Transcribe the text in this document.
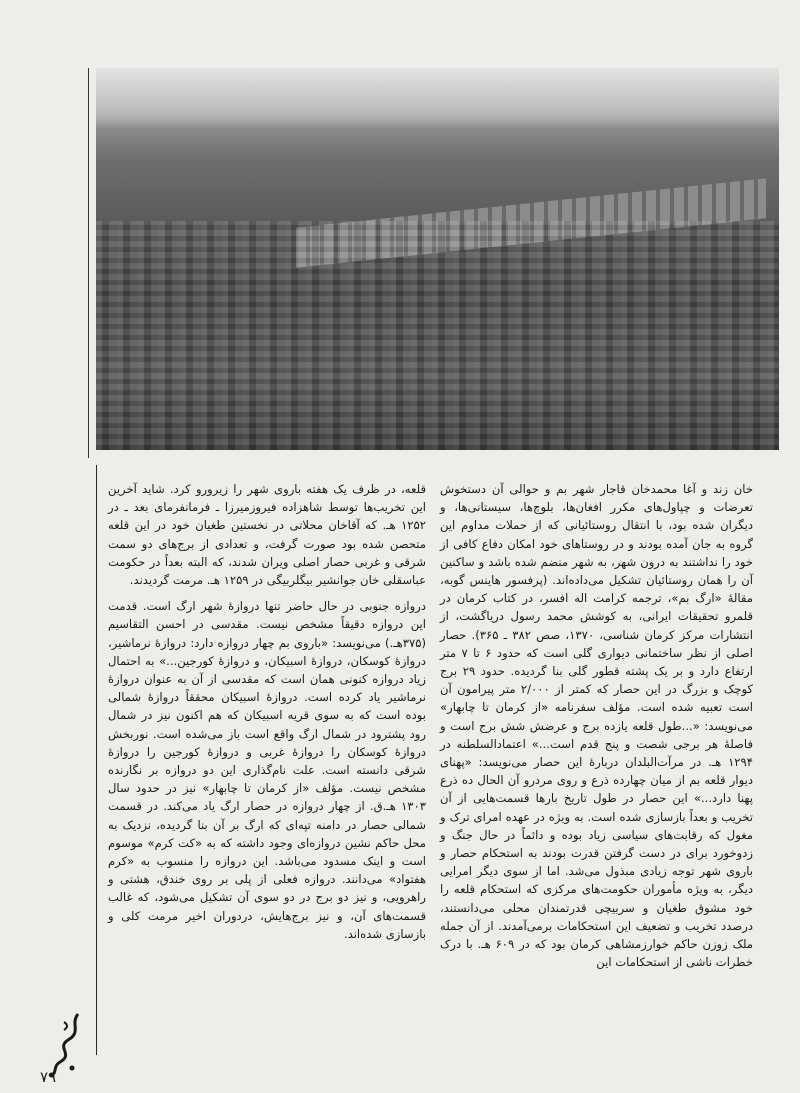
خان زند و آغا محمدخان قاجار شهر بم و حوالی آن دستخوش تعرضات و چپاول‌های مکرر افغان‌ها، بلوچ‌ها، سیستانی‌ها، و دیگران شده بود، با انتقال روستائیانی که از حملات مداوم این گروه به جان آمده بودند و در روستاهای خود امکان دفاع کافی از خود را نداشتند به درون شهر، به شهر منضم شده باشد و ساکنین آن را همان روستائیان تشکیل می‌داده‌اند. (پرفسور هاینس گوبه، مقالهٔ «ارگ بم»، ترجمه کرامت اله افسر، در کتاب کرمان در قلمرو تحقیقات ایرانی، به کوشش محمد رسول دریاگشت، از انتشارات مرکز کرمان شناسی، ۱۳۷۰، صص ۳۸۲ ـ ۳۶۵). حصار اصلی از نظر ساختمانی دیواری گلی است که حدود ۶ تا ۷ متر ارتفاع دارد و بر یک پشته قطور گلی بنا گردیده. حدود ۲۹ برج کوچک و بزرگ در این حصار که کمتر از ۲/۰۰۰ متر پیرامون آن است تعبیه شده است. مؤلف سفرنامه «از کرمان تا چابهار» می‌نویسد: «...طول قلعه یازده برج و عرضش شش برج است و فاصلهٔ هر برجی شصت و پنج قدم است...» اعتمادالسلطنه در ۱۲۹۴ هـ. در مرآت‌البلدان دربارهٔ این حصار می‌نویسد: «پهنای دیوار قلعه بم از میان چهارده ذرع و روی مردرو آن الحال ده ذرع پهنا دارد...» این حصار در طول تاریخ بارها قسمت‌هایی از آن تخریب و بعداً بازسازی شده است. به ویژه در عهده امرای ترک و مغول که رقابت‌های سیاسی زیاد بوده و دائماً در حال جنگ و زدوخورد برای در دست گرفتن قدرت بودند به استحکام حصار و باروی شهر توجه زیادی مبذول می‌شد. اما از سوی دیگر امرایی دیگر، به ویژه مأموران حکومت‌های مرکزی که استحکام قلعه را خود مشوق طغیان و سربیچی قدرتمندان محلی می‌دانستند، درصدد تخریب و تضعیف این استحکامات برمی‌آمدند. از آن جمله ملک زوزن حاکم خوارزمشاهی کرمان بود که در ۶۰۹ هـ. با درک خطرات ناشی از استحکامات این

قلعه، در ظرف یک هفته باروی شهر را زیرورو کرد. شاید آخرین این تخریب‌ها توسط شاهزاده فیروزمیرزا ـ فرمانفرمای بعد ـ در ۱۲۵۲ هـ. که آقاخان محلاتی در نخستین طغیان خود در این قلعه متحصن شده بود صورت گرفت، و تعدادی از برج‌های دو سمت شرقی و غربی حصار اصلی ویران شدند، که البته بعداً در حکومت عباسقلی خان جوانشیر بیگلربیگی در ۱۲۵۹ هـ. مرمت گردیدند.

دروازه جنوبی در حال حاضر تنها دروازهٔ شهر ارگ است. قدمت این دروازه دقیقاً مشخص نیست. مقدسی در احسن التقاسیم (۳۷۵هـ.) می‌نویسد: «باروی بم چهار دروازه دارد: دروازهٔ نرماشیر، دروازهٔ کوسکان، دروازهٔ اسبیکان، و دروازهٔ کورجین...» به احتمال زیاد دروازه کنونی همان است که مقدسی از آن به عنوان دروازهٔ نرماشیر یاد کرده است. دروازهٔ اسبیکان محققاً دروازهٔ شمالی بوده است که به سوی قریه اسبیکان که هم اکنون نیز در شمال رود پشترود در شمال ارگ واقع است باز می‌شده است. نوربخش دروازهٔ کوسکان را دروازهٔ غربی و دروازهٔ کورجین را دروازهٔ شرقی دانسته است. علت نام‌گذاری این دو دروازه بر نگارنده مشخص نیست. مؤلف «از کرمان تا چابهار» نیز در حدود سال ۱۳۰۳ هـ.ق. از چهار دروازه در حصار ارگ یاد می‌کند. در قسمت شمالی حصار در دامنه تپه‌ای که ارگ بر آن بنا گردیده، نزدیک به محل حاکم نشین دروازه‌ای وجود داشته که به «کت کرم» موسوم است و اینک مسدود می‌باشد. این دروازه را منسوب به «کرم هفتواد» می‌دانند. دروازه فعلی از پلی بر روی خندق، هشتی و راهرویی، و نیز دو برج در دو سوی آن تشکیل می‌شود، که غالب قسمت‌های آن، و نیز برج‌هایش، دردوران اخیر مرمت کلی و بازسازی شده‌اند.

۷۹
